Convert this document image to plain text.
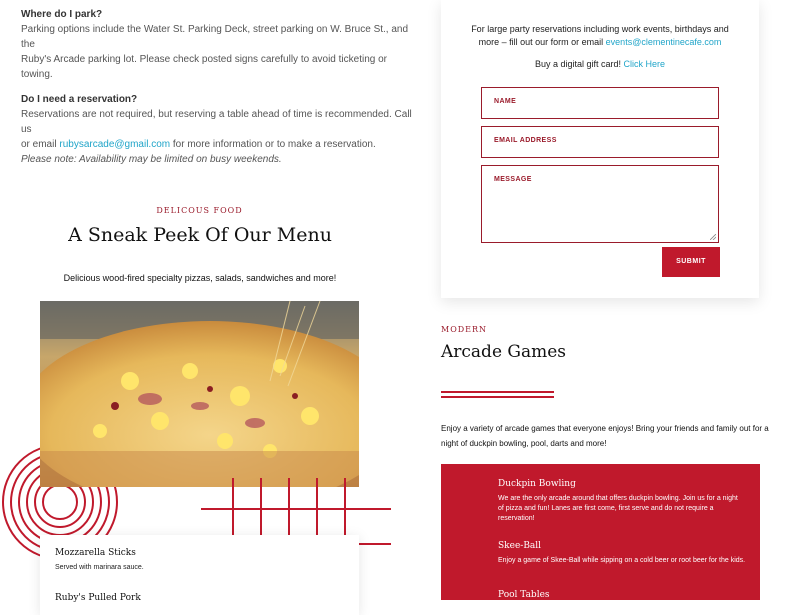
Where do I park?

Parking options include the Water St. Parking Deck, street parking on W. Bruce St., and the

Ruby's Arcade parking lot. Please check posted signs carefully to avoid ticketing or towing.

Do I need a reservation?

Reservations are not required, but reserving a table ahead of time is recommended. Call us

or email rubysarcade@gmail.com for more information or to make a reservation.

Please note: Availability may be limited on busy weekends.

For large party reservations including work events, birthdays and
more – fill out our form or email events@clementinecafe.com
Buy a digital gift card! Click Here
NAME
EMAIL ADDRESS
MESSAGE
SUBMIT
DELICOUS FOOD
A Sneak Peek Of Our Menu
Delicious wood-fired specialty pizzas, salads, sandwiches and more!
Mozzarella Sticks
Served with marinara sauce.
Ruby's Pulled Pork
MODERN
Arcade Games
Enjoy a variety of arcade games that everyone enjoys! Bring your friends and family out for a
night of duckpin bowling, pool, darts and more!
Duckpin Bowling
We are the only arcade around that offers duckpin bowling. Join us for a night
of pizza and fun! Lanes are first come, first serve and do not require a
reservation!
Skee-Ball
Enjoy a game of Skee-Ball while sipping on a cold beer or root beer for the kids.
Pool Tables
